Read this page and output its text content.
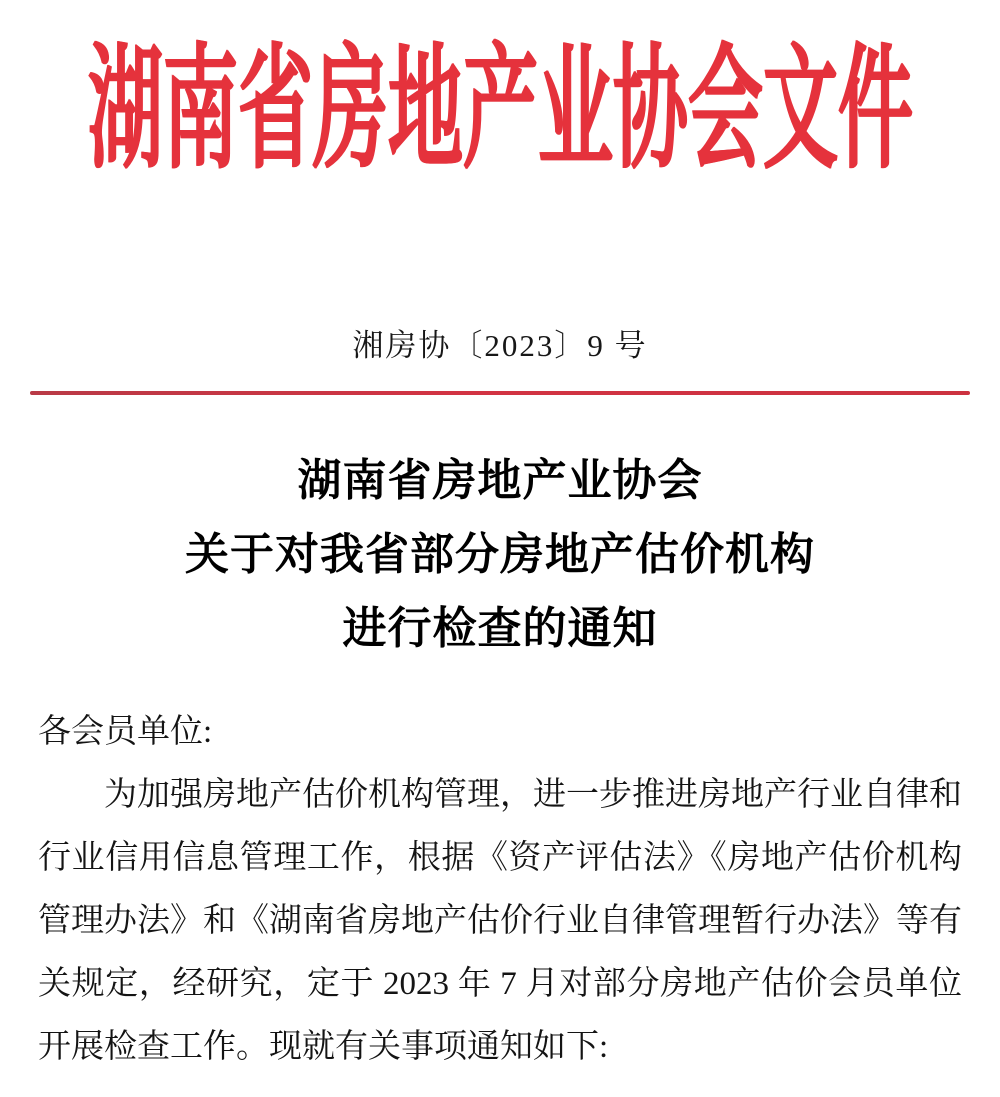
湖南省房地产业协会文件
湘房协〔2023〕9 号
湖南省房地产业协会
关于对我省部分房地产估价机构
进行检查的通知
各会员单位:
为加强房地产估价机构管理，进一步推进房地产行业自律和
行业信用信息管理工作，根据《资产评估法》《房地产估价机构
管理办法》和《湖南省房地产估价行业自律管理暂行办法》等有
关规定，经研究，定于 2023 年 7 月对部分房地产估价会员单位
开展检查工作。现就有关事项通知如下:
